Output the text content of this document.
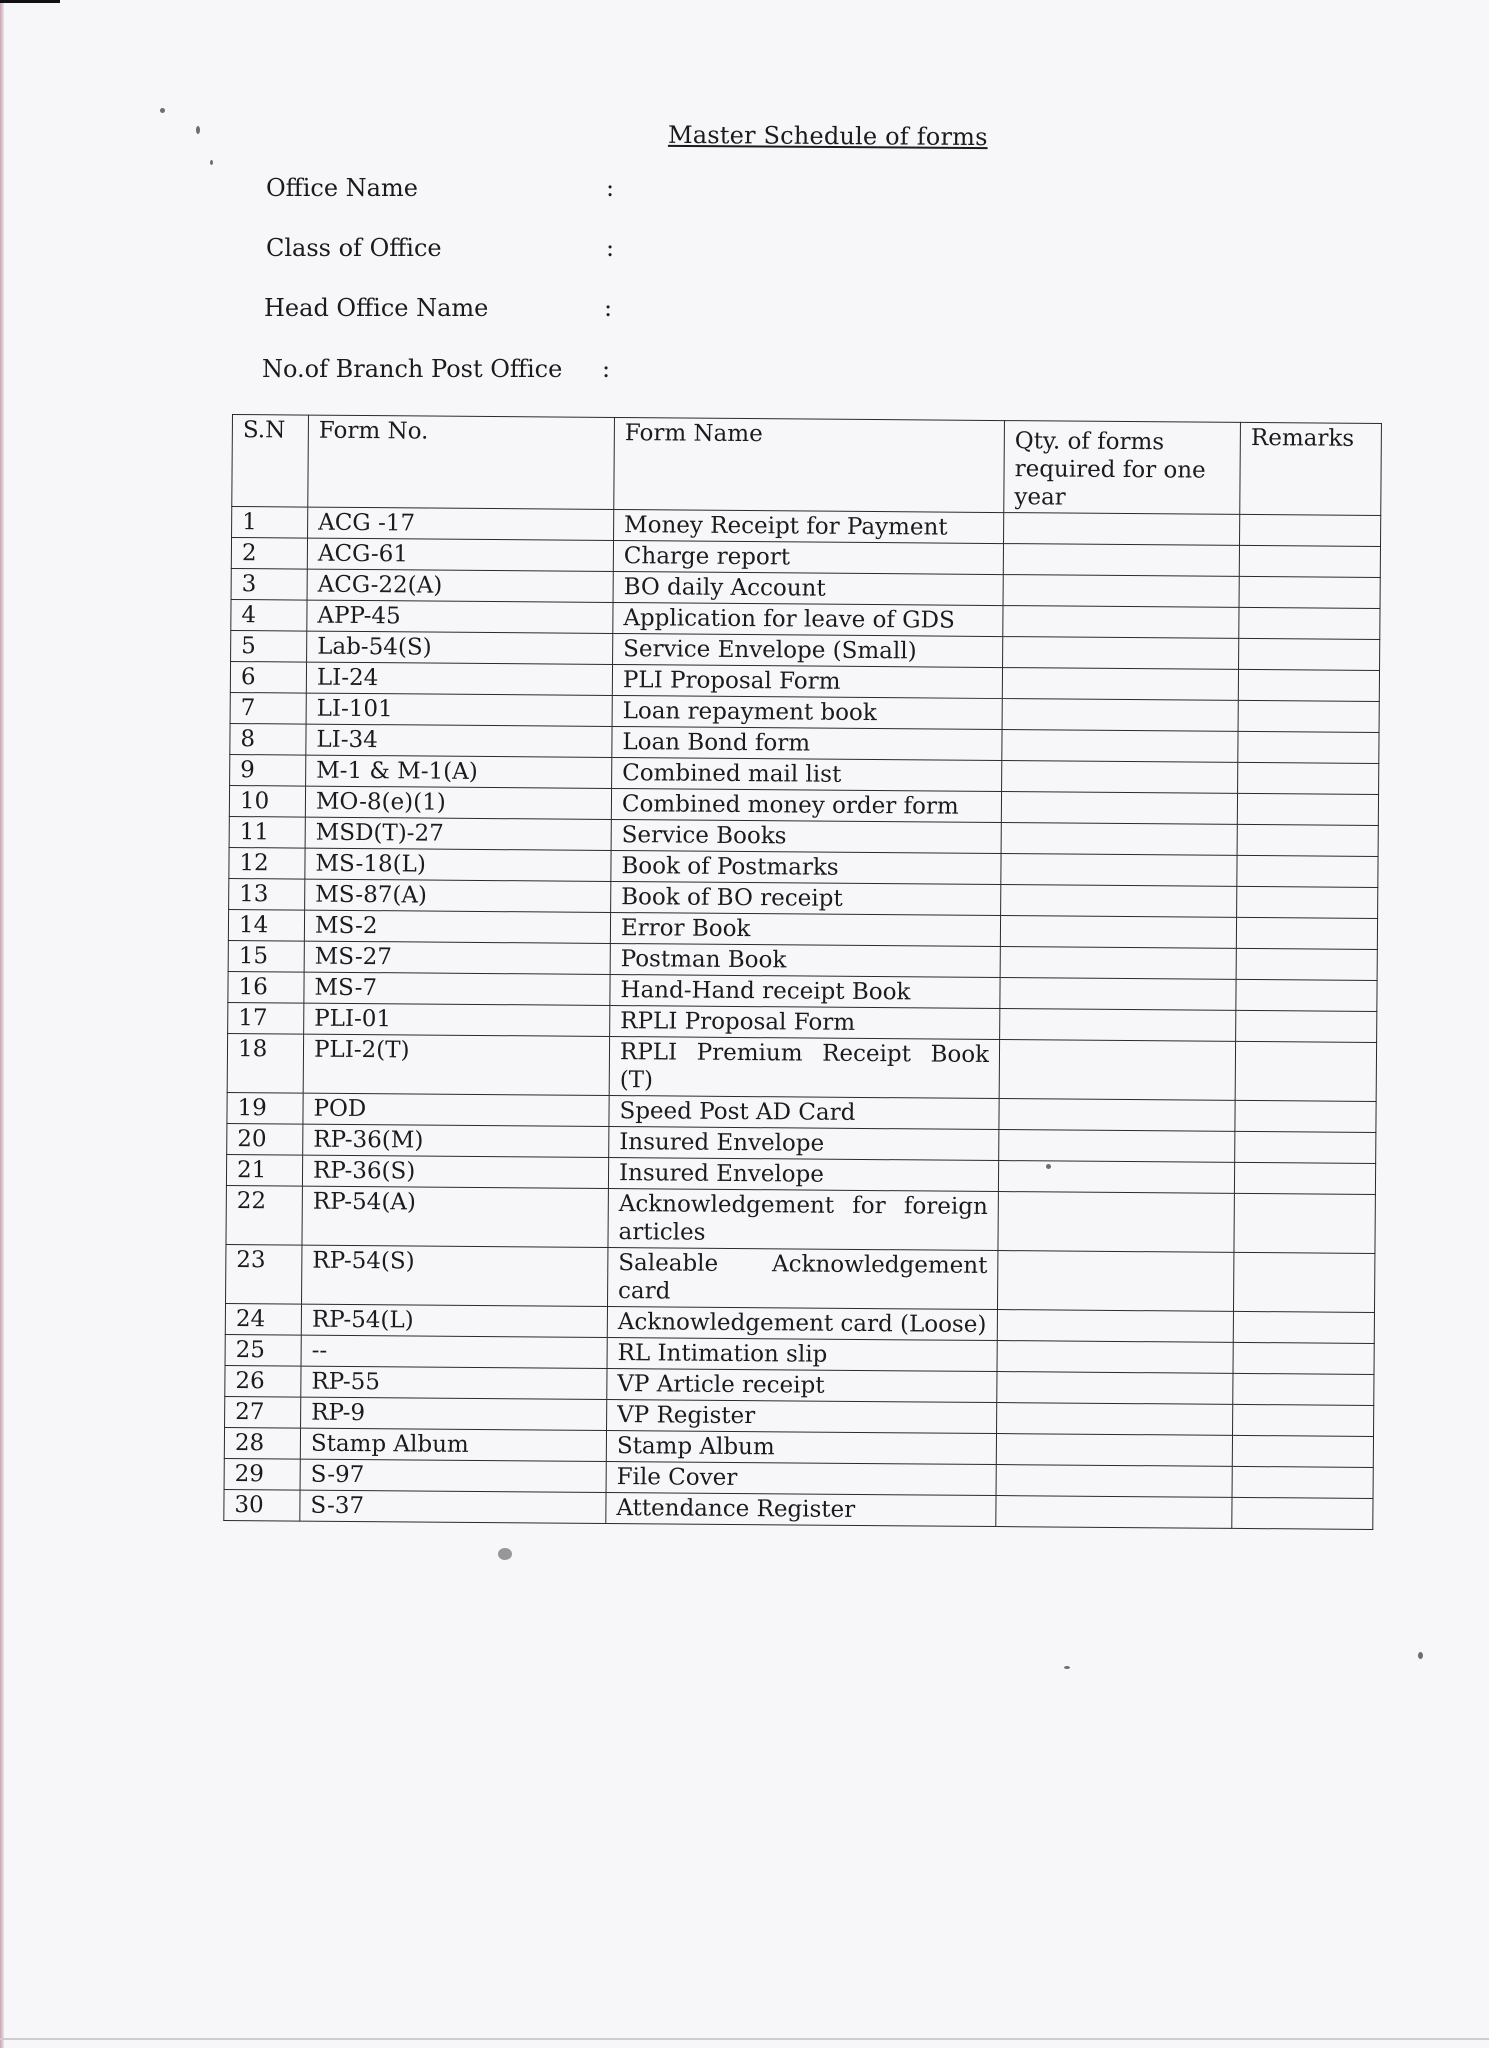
Master Schedule of forms
Office Name	:
Class of Office	:
Head Office Name	:
No.of Branch Post Office :
S.N	Form No.	Form Name	Qty. of forms required for one year	Remarks
1	ACG -17	Money Receipt for Payment		
2	ACG-61	Charge report		
3	ACG-22(A)	BO daily Account		
4	APP-45	Application for leave of GDS		
5	Lab-54(S)	Service Envelope (Small)		
6	LI-24	PLI Proposal Form		
7	LI-101	Loan repayment book		
8	LI-34	Loan Bond form		
9	M-1 & M-1(A)	Combined mail list		
10	MO-8(e)(1)	Combined money order form		
11	MSD(T)-27	Service Books		
12	MS-18(L)	Book of Postmarks		
13	MS-87(A)	Book of BO receipt		
14	MS-2	Error Book		
15	MS-27	Postman Book		
16	MS-7	Hand-Hand receipt Book		
17	PLI-01	RPLI Proposal Form		
18	PLI-2(T)	RPLI Premium Receipt Book (T)		
19	POD	Speed Post AD Card		
20	RP-36(M)	Insured Envelope		
21	RP-36(S)	Insured Envelope		
22	RP-54(A)	Acknowledgement for foreign articles		
23	RP-54(S)	Saleable Acknowledgement card		
24	RP-54(L)	Acknowledgement card (Loose)		
25	--	RL Intimation slip		
26	RP-55	VP Article receipt		
27	RP-9	VP Register		
28	Stamp Album	Stamp Album		
29	S-97	File Cover		
30	S-37	Attendance Register		
